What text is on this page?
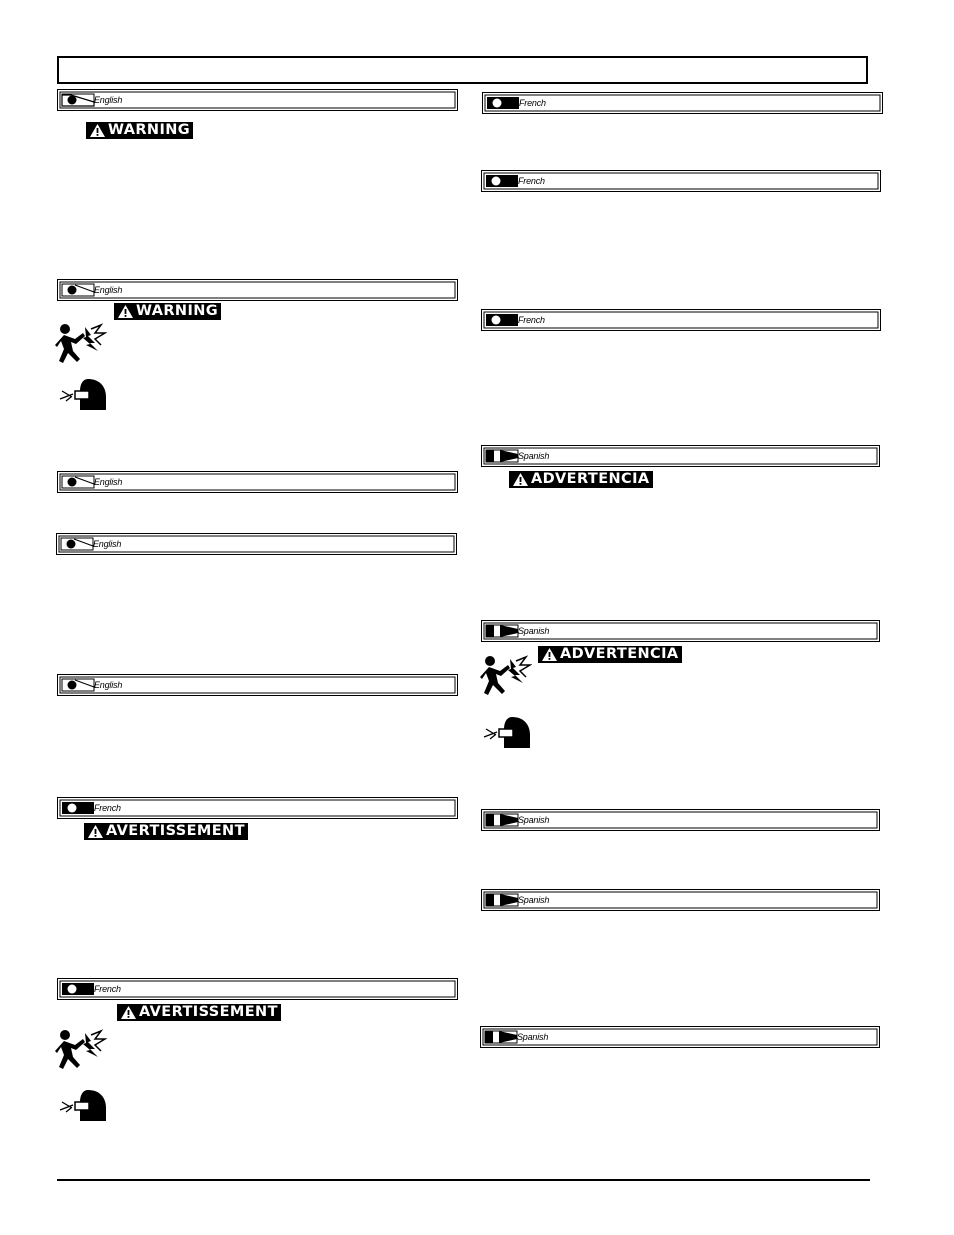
English
WARNING
English
WARNING
English
English
English
French
AVERTISSEMENT
French
AVERTISSEMENT
French
French
French
Spanish
ADVERTENCIA
Spanish
ADVERTENCIA
Spanish
Spanish
Spanish
